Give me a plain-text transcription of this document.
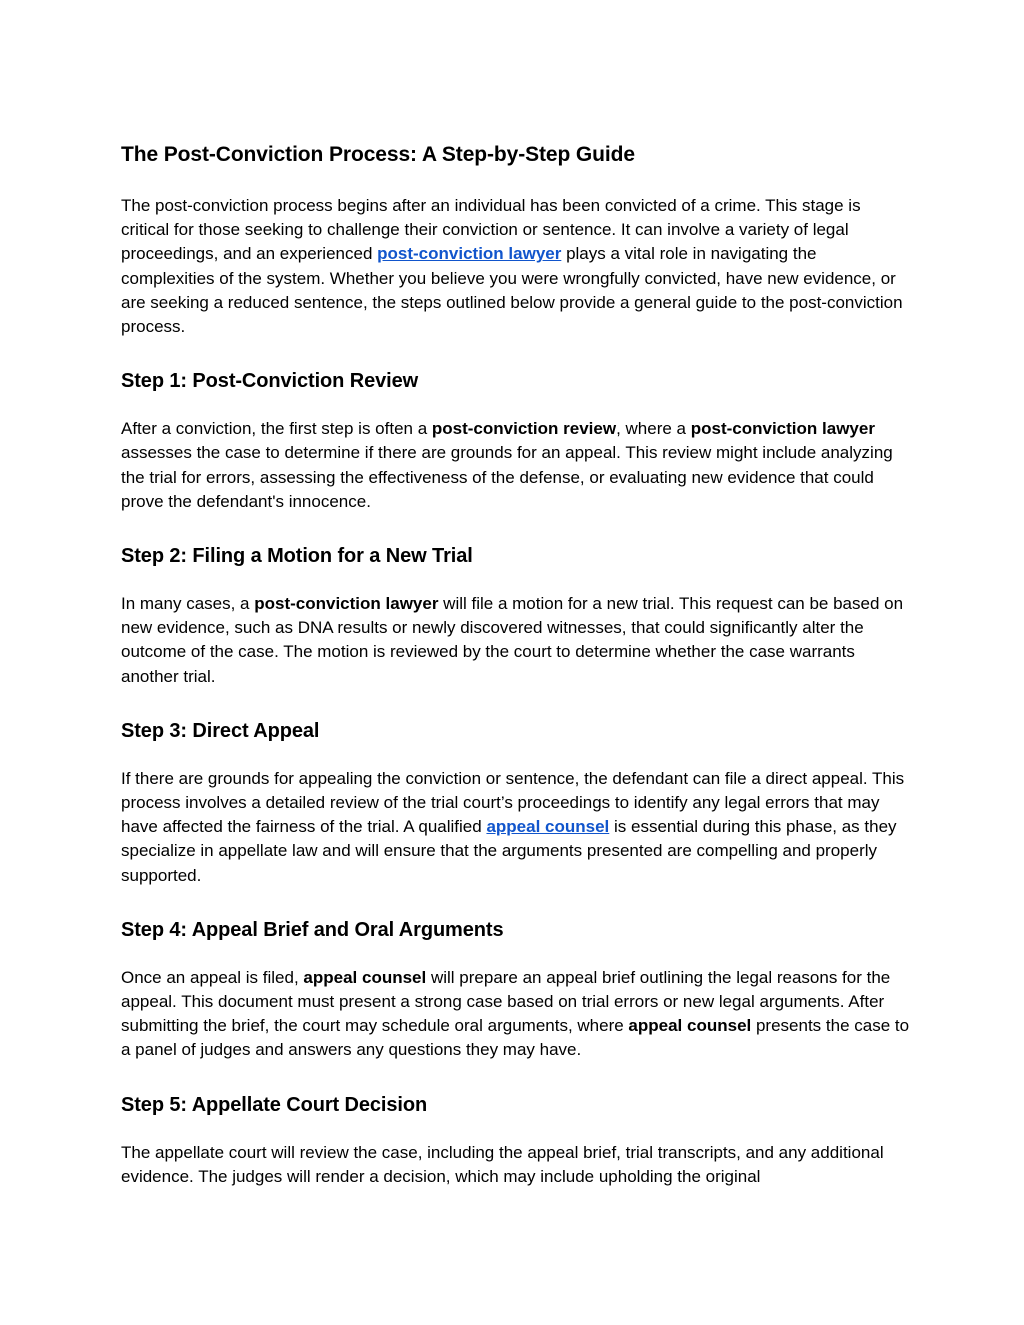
The Post-Conviction Process: A Step-by-Step Guide

The post-conviction process begins after an individual has been convicted of a crime. This stage is critical for those seeking to challenge their conviction or sentence. It can involve a variety of legal proceedings, and an experienced post-conviction lawyer plays a vital role in navigating the complexities of the system. Whether you believe you were wrongfully convicted, have new evidence, or are seeking a reduced sentence, the steps outlined below provide a general guide to the post-conviction process.

Step 1: Post-Conviction Review

After a conviction, the first step is often a post-conviction review, where a post-conviction lawyer assesses the case to determine if there are grounds for an appeal. This review might include analyzing the trial for errors, assessing the effectiveness of the defense, or evaluating new evidence that could prove the defendant's innocence.

Step 2: Filing a Motion for a New Trial

In many cases, a post-conviction lawyer will file a motion for a new trial. This request can be based on new evidence, such as DNA results or newly discovered witnesses, that could significantly alter the outcome of the case. The motion is reviewed by the court to determine whether the case warrants another trial.

Step 3: Direct Appeal

If there are grounds for appealing the conviction or sentence, the defendant can file a direct appeal. This process involves a detailed review of the trial court’s proceedings to identify any legal errors that may have affected the fairness of the trial. A qualified appeal counsel is essential during this phase, as they specialize in appellate law and will ensure that the arguments presented are compelling and properly supported.

Step 4: Appeal Brief and Oral Arguments

Once an appeal is filed, appeal counsel will prepare an appeal brief outlining the legal reasons for the appeal. This document must present a strong case based on trial errors or new legal arguments. After submitting the brief, the court may schedule oral arguments, where appeal counsel presents the case to a panel of judges and answers any questions they may have.

Step 5: Appellate Court Decision

The appellate court will review the case, including the appeal brief, trial transcripts, and any additional evidence. The judges will render a decision, which may include upholding the original
